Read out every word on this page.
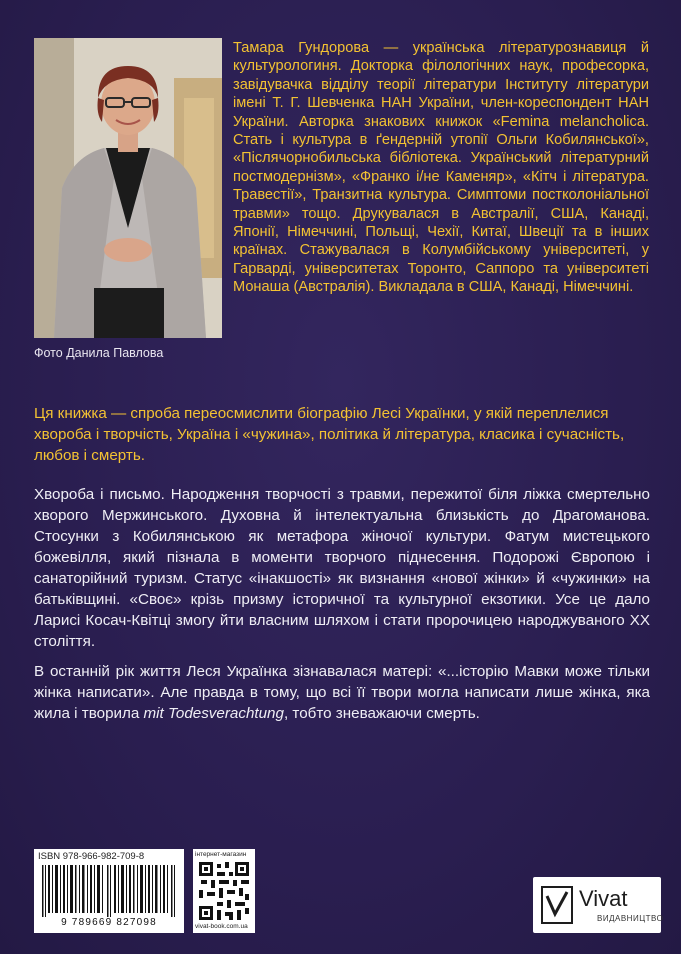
Фото Данила Павлова

Тамара Гундорова — українська літературознавиця й культурологиня. Докторка філологічних наук, професорка, завідувачка відділу теорії літератури Інституту літератури імені Т. Г. Шевченка НАН України, член-кореспондент НАН України. Авторка знакових книжок «Femina melancholica. Стать і культура в ґендерній утопії Ольги Кобилянської», «Післячорнобильська бібліотека. Український літературний постмодернізм», «Франко і/не Каменяр», «Кітч і література. Травестії», Транзитна культура. Симптоми постколоніальної травми» тощо. Друкувалася в Австралії, США, Канаді, Японії, Німеччині, Польщі, Чехії, Китаї, Швеції та в інших країнах. Стажувалася в Колумбійському університеті, у Гарварді, університетах Торонто, Саппоро та університеті Монаша (Австралія). Викладала в США, Канаді, Німеччині.

Ця книжка — спроба переосмислити біографію Лесі Українки, у якій переплелися хвороба і творчість, Україна і «чужина», політика й література, класика і сучасність, любов і смерть.

Хвороба і письмо. Народження творчості з травми, пережитої біля ліжка смертельно хворого Мержинського. Духовна й інтелектуальна близькість до Драгоманова. Стосунки з Кобилянською як метафора жіночої культури. Фатум мистецького божевілля, який пізнала в моменти творчого піднесення. Подорожі Європою і санаторійний туризм. Статус «інакшості» як визнання «нової жінки» й «чужинки» на батьківщині. «Своє» крізь призму історичної та культурної екзотики. Усе це дало Ларисі Косач-Квітці змогу йти власним шляхом і стати пророчицею народжуваного ХХ століття.

В останній рік життя Леся Українка зізнавалася матері: «...історію Мавки може тільки жінка написати». Але правда в тому, що всі її твори могла написати лише жінка, яка жила і творила mit Todesverachtung, тобто зневажаючи смерть.

ISBN 978-966-982-709-8
9 789669 827098
інтернет-магазин
vivat-book.com.ua
Vivat
ВИДАВНИЦТВО
